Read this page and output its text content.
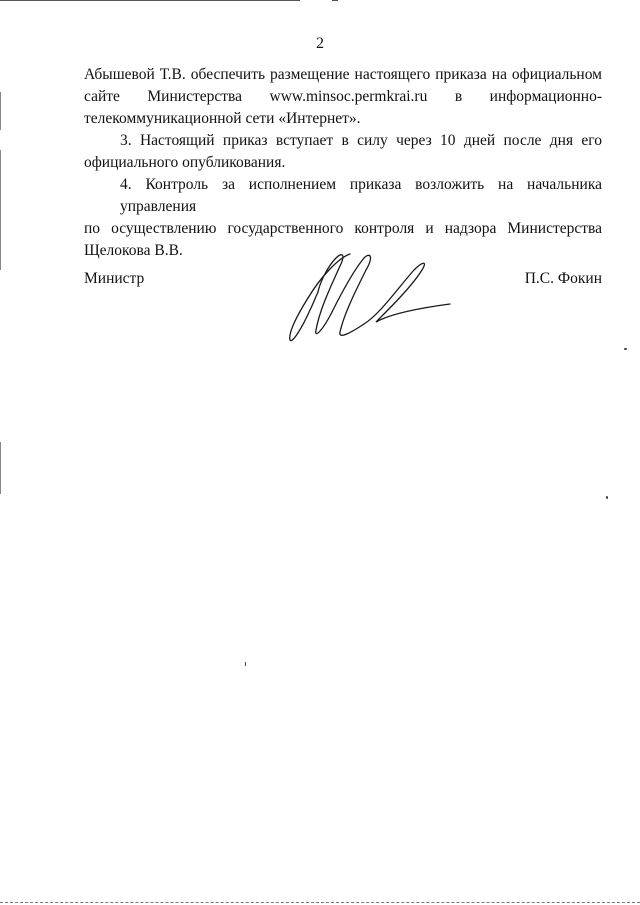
2

Абышевой Т.В. обеспечить размещение настоящего приказа на официальном
сайте Министерства www.minsoc.permkrai.ru в информационно-
телекоммуникационной сети «Интернет».

3. Настоящий приказ вступает в силу через 10 дней после дня его
официального опубликования.

4. Контроль за исполнением приказа возложить на начальника управления
по осуществлению государственного контроля и надзора Министерства
Щелокова В.В.

Министр	П.С. Фокин
